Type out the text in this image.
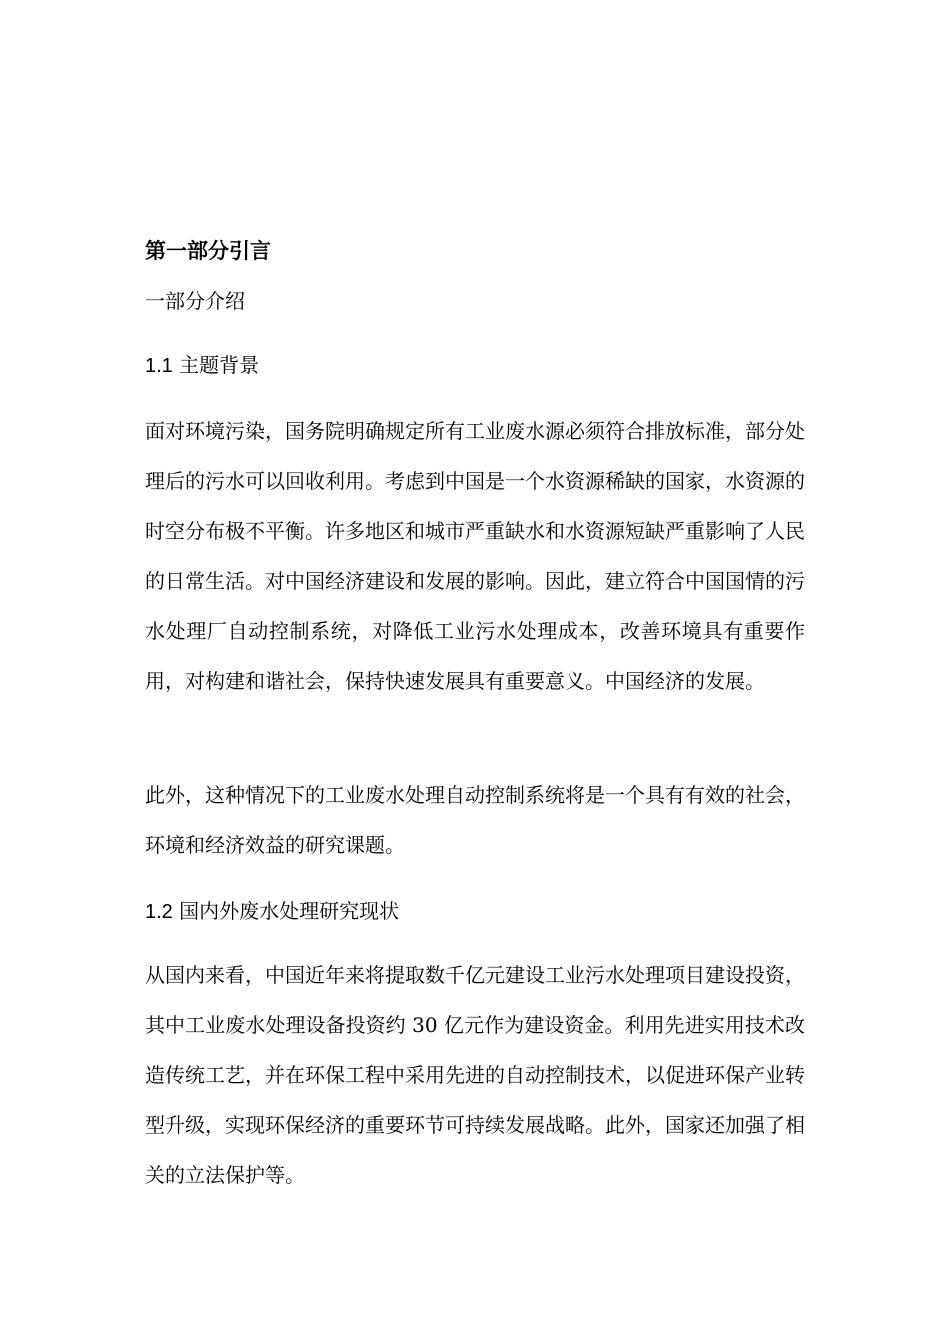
第一部分引言
一部分介绍
1.1 主题背景
面对环境污染，国务院明确规定所有工业废水源必须符合排放标准，部分处理后的污水可以回收利用。考虑到中国是一个水资源稀缺的国家，水资源的时空分布极不平衡。许多地区和城市严重缺水和水资源短缺严重影响了人民的日常生活。对中国经济建设和发展的影响。因此，建立符合中国国情的污水处理厂自动控制系统，对降低工业污水处理成本，改善环境具有重要作用，对构建和谐社会，保持快速发展具有重要意义。中国经济的发展。
此外，这种情况下的工业废水处理自动控制系统将是一个具有有效的社会，环境和经济效益的研究课题。
1.2 国内外废水处理研究现状
从国内来看，中国近年来将提取数千亿元建设工业污水处理项目建设投资，其中工业废水处理设备投资约 30 亿元作为建设资金。利用先进实用技术改造传统工艺，并在环保工程中采用先进的自动控制技术，以促进环保产业转型升级，实现环保经济的重要环节可持续发展战略。此外，国家还加强了相关的立法保护等。
